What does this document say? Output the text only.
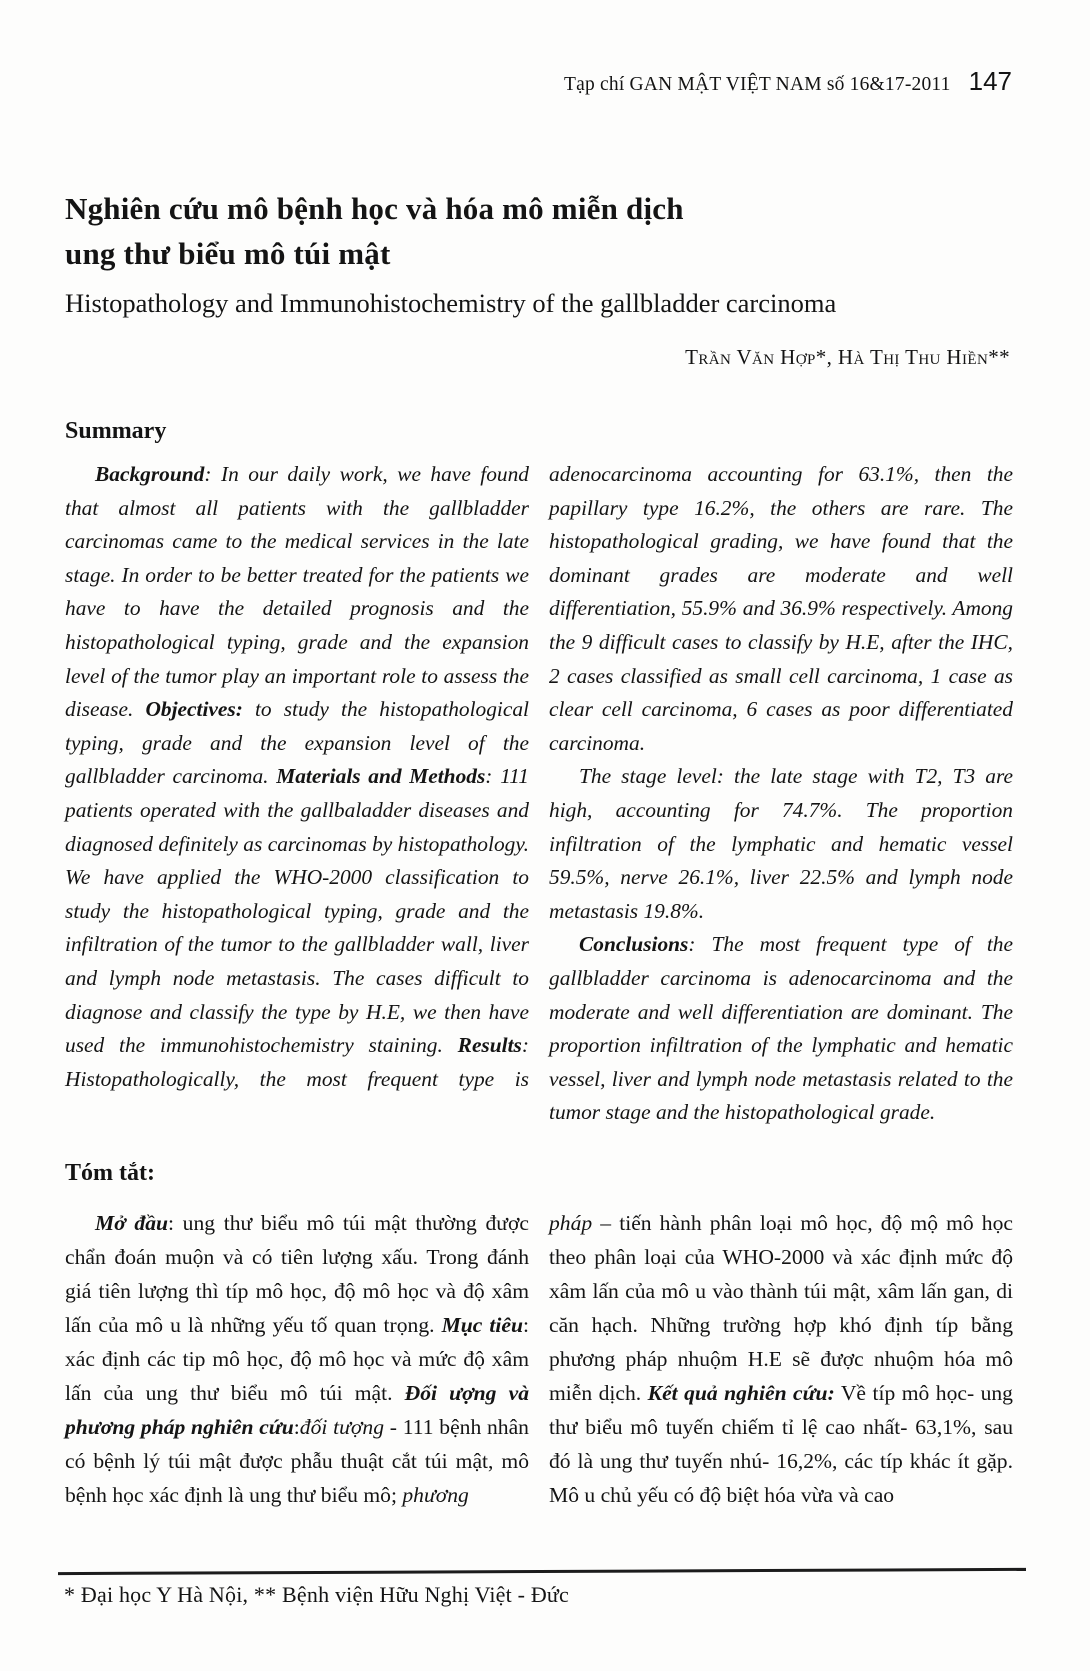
Tạp chí GAN MẬT VIỆT NAM số 16&17-2011 147
Nghiên cứu mô bệnh học và hóa mô miễn dịch
ung thư biểu mô túi mật
Histopathology and Immunohistochemistry of the gallbladder carcinoma
Trần Văn Hợp*, Hà Thị Thu Hiền**
Summary

Background: In our daily work, we have found that almost all patients with the gallbladder carcinomas came to the medical services in the late stage. In order to be better treated for the patients we have to have the detailed prognosis and the histopathological typing, grade and the expansion level of the tumor play an important role to assess the disease. Objectives: to study the histopathological typing, grade and the expansion level of the gallbladder carcinoma. Materials and Methods: 111 patients operated with the gallbaladder diseases and diagnosed definitely as carcinomas by histopathology. We have applied the WHO-2000 classification to study the histopathological typing, grade and the infiltration of the tumor to the gallbladder wall, liver and lymph node metastasis. The cases difficult to diagnose and classify the type by H.E, we then have used the immunohistochemistry staining. Results: Histopathologically, the most frequent type is

adenocarcinoma accounting for 63.1%, then the papillary type 16.2%, the others are rare. The histopathological grading, we have found that the dominant grades are moderate and well differentiation, 55.9% and 36.9% respectively. Among the 9 difficult cases to classify by H.E, after the IHC, 2 cases classified as small cell carcinoma, 1 case as clear cell carcinoma, 6 cases as poor differentiated carcinoma.

The stage level: the late stage with T2, T3 are high, accounting for 74.7%. The proportion infiltration of the lymphatic and hematic vessel 59.5%, nerve 26.1%, liver 22.5% and lymph node metastasis 19.8%.

Conclusions: The most frequent type of the gallbladder carcinoma is adenocarcinoma and the moderate and well differentiation are dominant. The proportion infiltration of the lymphatic and hematic vessel, liver and lymph node metastasis related to the tumor stage and the histopathological grade.

Tóm tắt:

Mở đầu: ung thư biểu mô túi mật thường được chẩn đoán muộn và có tiên lượng xấu. Trong đánh giá tiên lượng thì típ mô học, độ mô học và độ xâm lấn của mô u là những yếu tố quan trọng. Mục tiêu: xác định các tip mô học, độ mô học và mức độ xâm lấn của ung thư biểu mô túi mật. Đối ượng và phương pháp nghiên cứu:đối tượng - 111 bệnh nhân có bệnh lý túi mật được phẫu thuật cắt túi mật, mô bệnh học xác định là ung thư biểu mô; phương

pháp – tiến hành phân loại mô học, độ mộ mô học theo phân loại của WHO-2000 và xác định mức độ xâm lấn của mô u vào thành túi mật, xâm lấn gan, di căn hạch. Những trường hợp khó định típ bằng phương pháp nhuộm H.E sẽ được nhuộm hóa mô miễn dịch. Kết quả nghiên cứu: Về típ mô học- ung thư biểu mô tuyến chiếm tỉ lệ cao nhất- 63,1%, sau đó là ung thư tuyến nhú- 16,2%, các típ khác ít gặp. Mô u chủ yếu có độ biệt hóa vừa và cao

* Đại học Y Hà Nội, ** Bệnh viện Hữu Nghị Việt - Đức
